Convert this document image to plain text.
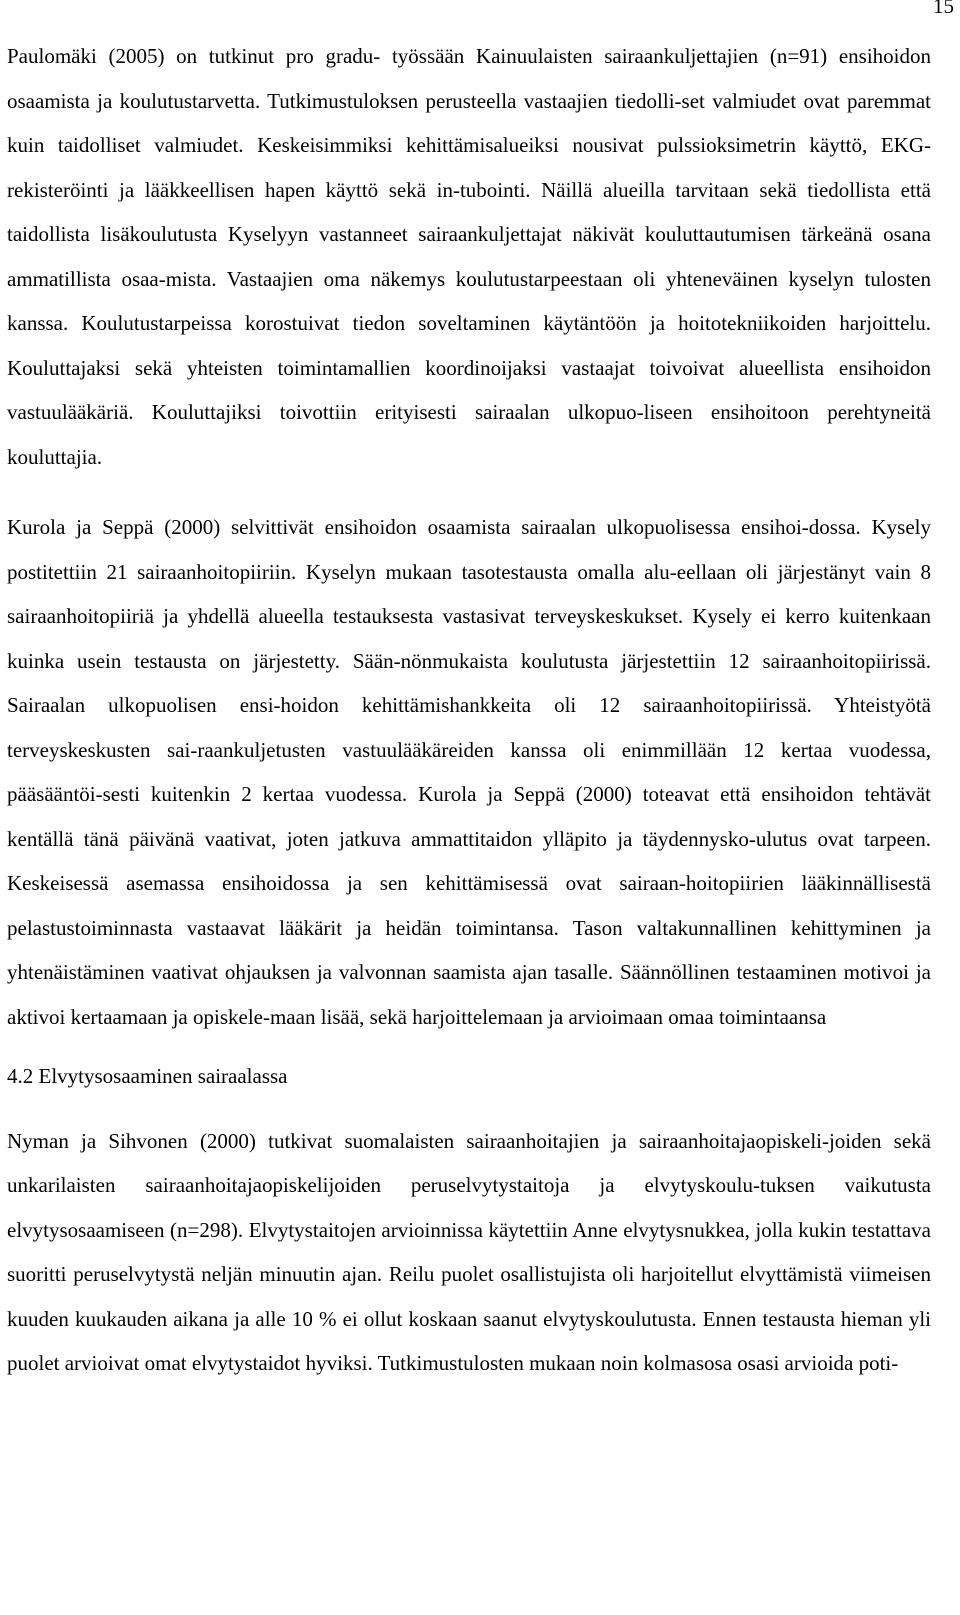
15

Paulomäki (2005) on tutkinut pro gradu- työssään Kainuulaisten sairaankuljettajien (n=91) ensihoidon osaamista ja koulutustarvetta. Tutkimustuloksen perusteella vastaajien tiedolli-set valmiudet ovat paremmat kuin taidolliset valmiudet. Keskeisimmiksi kehittämisalueiksi nousivat pulssioksimetrin käyttö, EKG-rekisteröinti ja lääkkeellisen hapen käyttö sekä in-tubointi. Näillä alueilla tarvitaan sekä tiedollista että taidollista lisäkoulutusta Kyselyyn vastanneet sairaankuljettajat näkivät kouluttautumisen tärkeänä osana ammatillista osaa-mista. Vastaajien oma näkemys koulutustarpeestaan oli yhteneväinen kyselyn tulosten kanssa. Koulutustarpeissa korostuivat tiedon soveltaminen käytäntöön ja hoitotekniikoiden harjoittelu. Kouluttajaksi sekä yhteisten toimintamallien koordinoijaksi vastaajat toivoivat alueellista ensihoidon vastuulääkäriä. Kouluttajiksi toivottiin erityisesti sairaalan ulkopuo-liseen ensihoitoon perehtyneitä kouluttajia.

Kurola ja Seppä (2000) selvittivät ensihoidon osaamista sairaalan ulkopuolisessa ensihoi-dossa. Kysely postitettiin 21 sairaanhoitopiiriin. Kyselyn mukaan tasotestausta omalla alu-eellaan oli järjestänyt vain 8 sairaanhoitopiiriä ja yhdellä alueella testauksesta vastasivat terveyskeskukset. Kysely ei kerro kuitenkaan kuinka usein testausta on järjestetty. Sään-nönmukaista koulutusta järjestettiin 12 sairaanhoitopiirissä. Sairaalan ulkopuolisen ensi-hoidon kehittämishankkeita oli 12 sairaanhoitopiirissä. Yhteistyötä terveyskeskusten sai-raankuljetusten vastuulääkäreiden kanssa oli enimmillään 12 kertaa vuodessa, pääsääntöi-sesti kuitenkin 2 kertaa vuodessa. Kurola ja Seppä (2000) toteavat että ensihoidon tehtävät kentällä tänä päivänä vaativat, joten jatkuva ammattitaidon ylläpito ja täydennysko-ulutus ovat tarpeen. Keskeisessä asemassa ensihoidossa ja sen kehittämisessä ovat sairaan-hoitopiirien lääkinnällisestä pelastustoiminnasta vastaavat lääkärit ja heidän toimintansa. Tason valtakunnallinen kehittyminen ja yhtenäistäminen vaativat ohjauksen ja valvonnan saamista ajan tasalle. Säännöllinen testaaminen motivoi ja aktivoi kertaamaan ja opiskele-maan lisää, sekä harjoittelemaan ja arvioimaan omaa toimintaansa

4.2 Elvytysosaaminen sairaalassa

Nyman ja Sihvonen (2000) tutkivat suomalaisten sairaanhoitajien ja sairaanhoitajaopiskeli-joiden sekä unkarilaisten sairaanhoitajaopiskelijoiden peruselvytystaitoja ja elvytyskoulu-tuksen vaikutusta elvytysosaamiseen (n=298). Elvytystaitojen arvioinnissa käytettiin Anne elvytysnukkea, jolla kukin testattava suoritti peruselvytystä neljän minuutin ajan. Reilu puolet osallistujista oli harjoitellut elvyttämistä viimeisen kuuden kuukauden aikana ja alle 10 % ei ollut koskaan saanut elvytyskoulutusta. Ennen testausta hieman yli puolet arvioivat omat elvytystaidot hyviksi. Tutkimustulosten mukaan noin kolmasosa osasi arvioida poti-
